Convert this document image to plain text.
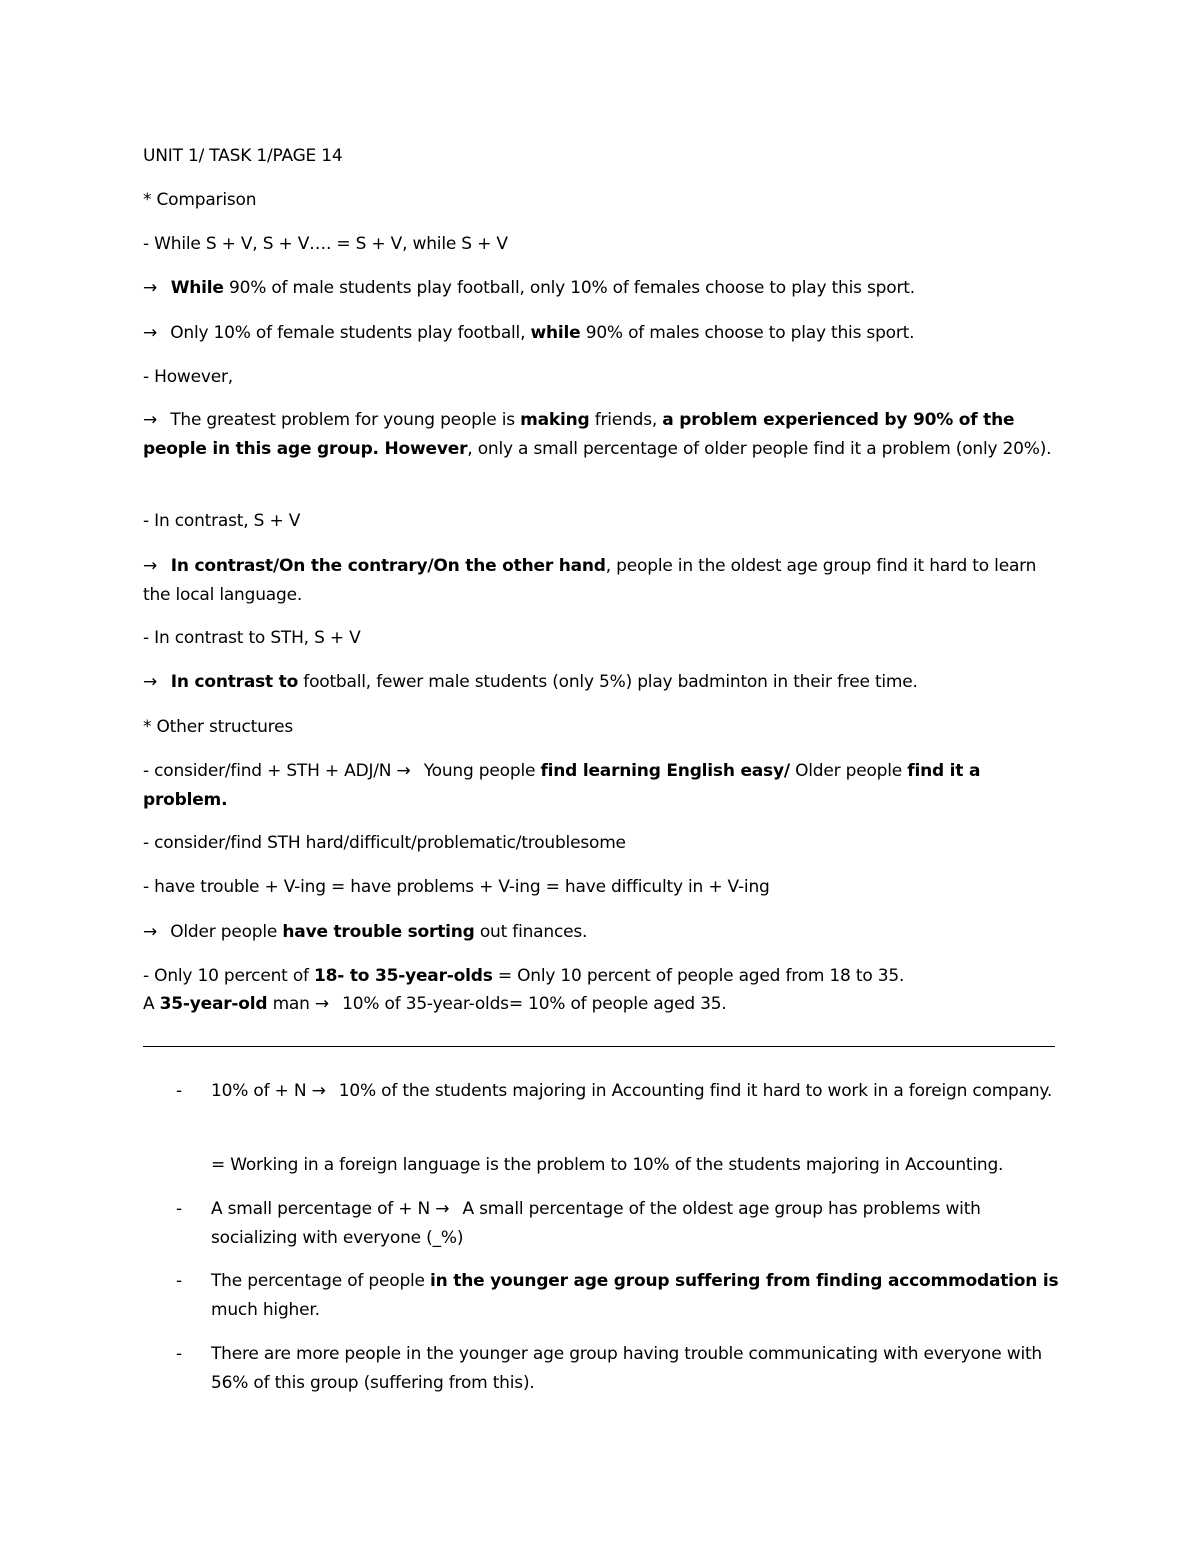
UNIT 1/ TASK 1/PAGE 14
* Comparison
- While S + V, S + V…. = S + V, while S + V
→ While 90% of male students play football, only 10% of females choose to play this sport.
→ Only 10% of female students play football, while 90% of males choose to play this sport.
- However,
→ The greatest problem for young people is making friends, a problem experienced by 90% of the people in this age group. However, only a small percentage of older people find it a problem (only 20%).
- In contrast, S + V
→ In contrast/On the contrary/On the other hand, people in the oldest age group find it hard to learn the local language.
- In contrast to STH, S + V
→ In contrast to football, fewer male students (only 5%) play badminton in their free time.
* Other structures
- consider/find + STH + ADJ/N → Young people find learning English easy/ Older people find it a problem.
- consider/find STH hard/difficult/problematic/troublesome
- have trouble + V-ing = have problems + V-ing = have difficulty in + V-ing
→ Older people have trouble sorting out finances.
- Only 10 percent of 18- to 35-year-olds = Only 10 percent of people aged from 18 to 35.
A 35-year-old man → 10% of 35-year-olds= 10% of people aged 35.
- 10% of + N → 10% of the students majoring in Accounting find it hard to work in a foreign company.
= Working in a foreign language is the problem to 10% of the students majoring in Accounting.
- A small percentage of + N → A small percentage of the oldest age group has problems with socializing with everyone (_%)
- The percentage of people in the younger age group suffering from finding accommodation is much higher.
- There are more people in the younger age group having trouble communicating with everyone with 56% of this group (suffering from this).
